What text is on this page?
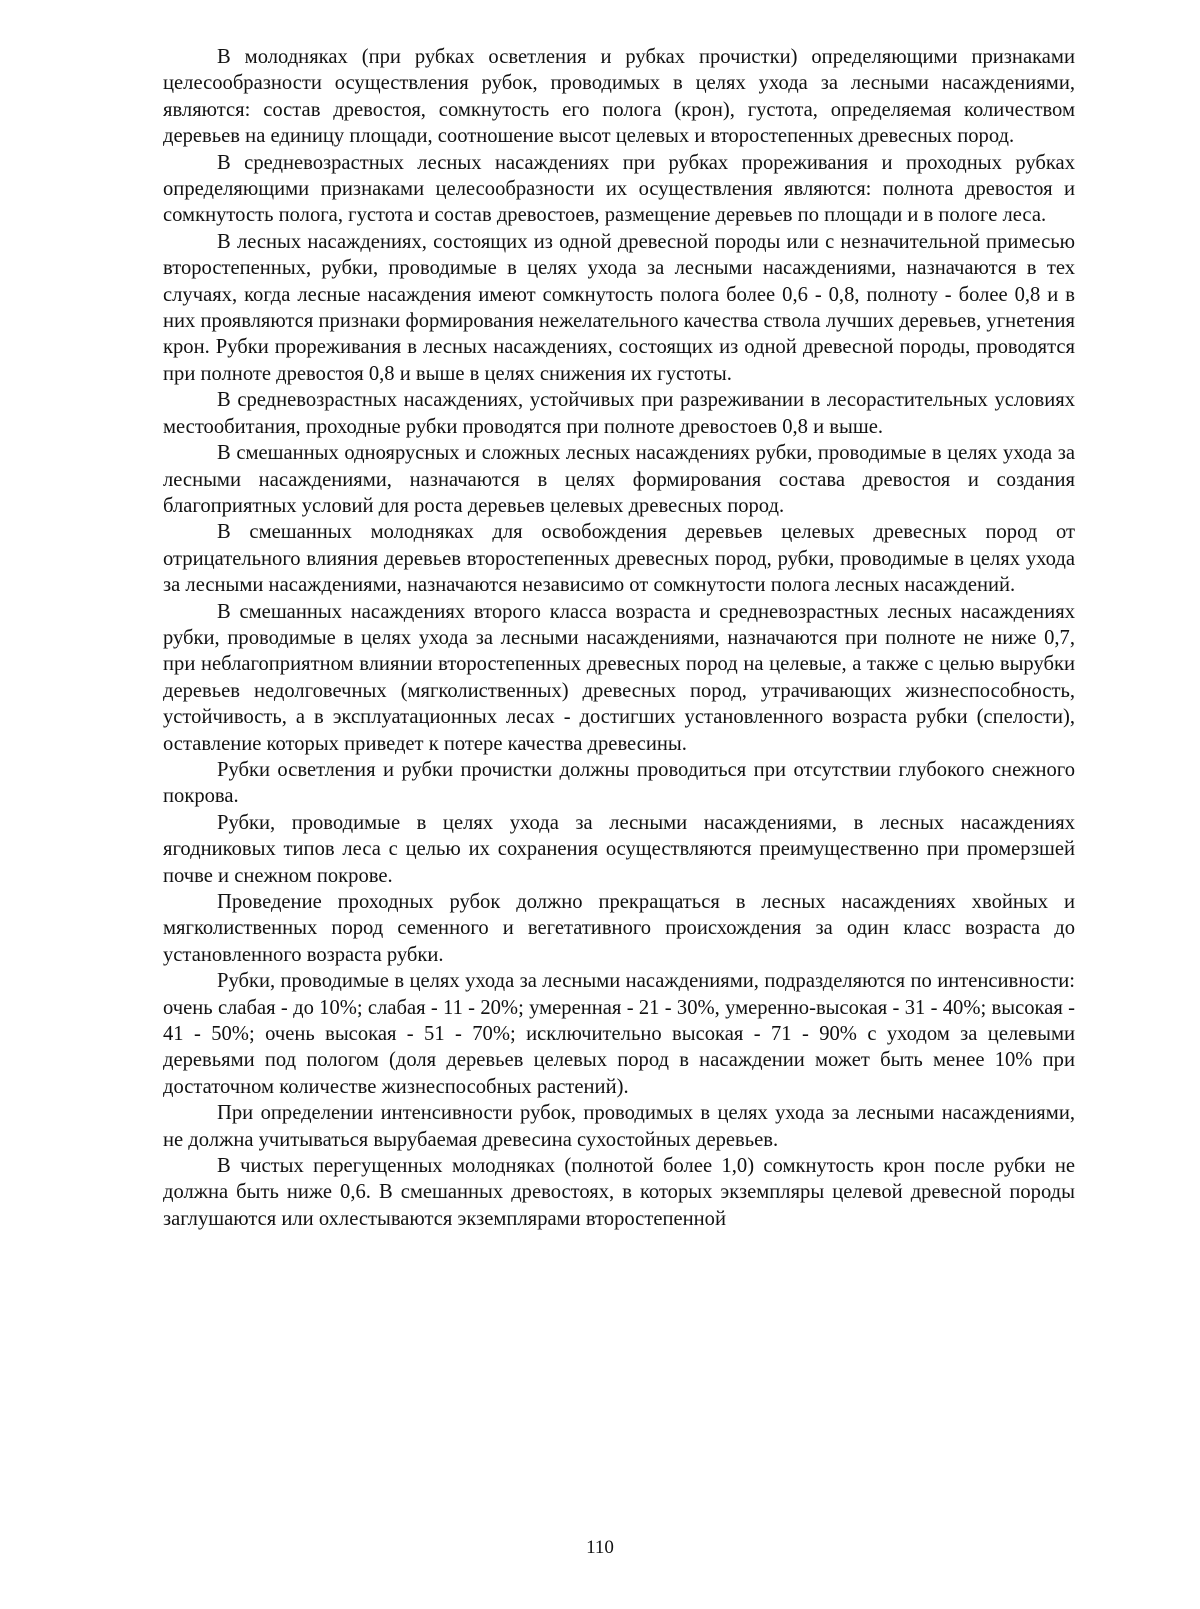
В молодняках (при рубках осветления и рубках прочистки) определяющими признаками целесообразности осуществления рубок, проводимых в целях ухода за лесными насаждениями, являются: состав древостоя, сомкнутость его полога (крон), густота, определяемая количеством деревьев на единицу площади, соотношение высот целевых и второстепенных древесных пород.

В средневозрастных лесных насаждениях при рубках прореживания и проходных рубках определяющими признаками целесообразности их осуществления являются: полнота древостоя и сомкнутость полога, густота и состав древостоев, размещение деревьев по площади и в пологе леса.

В лесных насаждениях, состоящих из одной древесной породы или с незначительной примесью второстепенных, рубки, проводимые в целях ухода за лесными насаждениями, назначаются в тех случаях, когда лесные насаждения имеют сомкнутость полога более 0,6 - 0,8, полноту - более 0,8 и в них проявляются признаки формирования нежелательного качества ствола лучших деревьев, угнетения крон. Рубки прореживания в лесных насаждениях, состоящих из одной древесной породы, проводятся при полноте древостоя 0,8 и выше в целях снижения их густоты.

В средневозрастных насаждениях, устойчивых при разреживании в лесорастительных условиях местообитания, проходные рубки проводятся при полноте древостоев 0,8 и выше.

В смешанных одноярусных и сложных лесных насаждениях рубки, проводимые в целях ухода за лесными насаждениями, назначаются в целях формирования состава древостоя и создания благоприятных условий для роста деревьев целевых древесных пород.

В смешанных молодняках для освобождения деревьев целевых древесных пород от отрицательного влияния деревьев второстепенных древесных пород, рубки, проводимые в целях ухода за лесными насаждениями, назначаются независимо от сомкнутости полога лесных насаждений.

В смешанных насаждениях второго класса возраста и средневозрастных лесных насаждениях рубки, проводимые в целях ухода за лесными насаждениями, назначаются при полноте не ниже 0,7, при неблагоприятном влиянии второстепенных древесных пород на целевые, а также с целью вырубки деревьев недолговечных (мягколиственных) древесных пород, утрачивающих жизнеспособность, устойчивость, а в эксплуатационных лесах - достигших установленного возраста рубки (спелости), оставление которых приведет к потере качества древесины.

Рубки осветления и рубки прочистки должны проводиться при отсутствии глубокого снежного покрова.

Рубки, проводимые в целях ухода за лесными насаждениями, в лесных насаждениях ягодниковых типов леса с целью их сохранения осуществляются преимущественно при промерзшей почве и снежном покрове.

Проведение проходных рубок должно прекращаться в лесных насаждениях хвойных и мягколиственных пород семенного и вегетативного происхождения за один класс возраста до установленного возраста рубки.

Рубки, проводимые в целях ухода за лесными насаждениями, подразделяются по интенсивности: очень слабая - до 10%; слабая - 11 - 20%; умеренная - 21 - 30%, умеренно-высокая - 31 - 40%; высокая - 41 - 50%; очень высокая - 51 - 70%; исключительно высокая - 71 - 90% с уходом за целевыми деревьями под пологом (доля деревьев целевых пород в насаждении может быть менее 10% при достаточном количестве жизнеспособных растений).

При определении интенсивности рубок, проводимых в целях ухода за лесными насаждениями, не должна учитываться вырубаемая древесина сухостойных деревьев.

В чистых перегущенных молодняках (полнотой более 1,0) сомкнутость крон после рубки не должна быть ниже 0,6. В смешанных древостоях, в которых экземпляры целевой древесной породы заглушаются или охлестываются экземплярами второстепенной

110
